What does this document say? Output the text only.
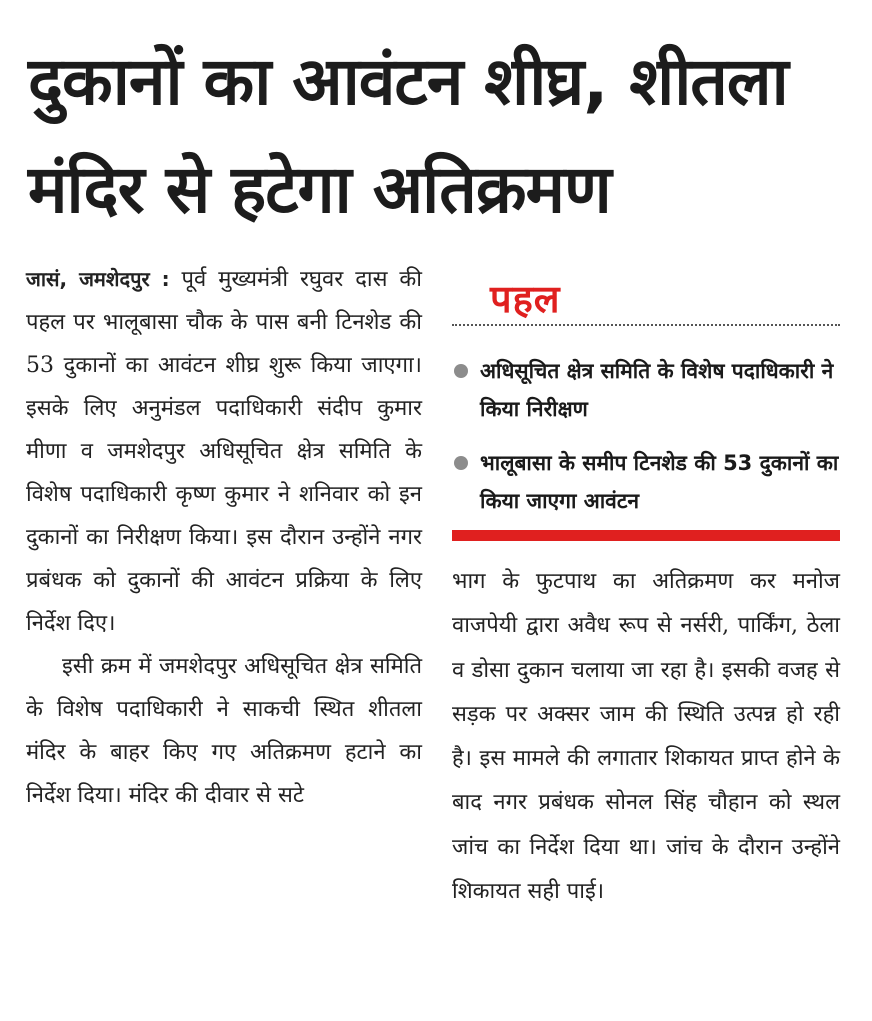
दुकानों का आवंटन शीघ्र, शीतला
मंदिर से हटेगा अतिक्रमण

जासं, जमशेदपुर : पूर्व मुख्यमंत्री रघुवर दास की पहल पर भालूबासा चौक के पास बनी टिनशेड की 53 दुकानों का आवंटन शीघ्र शुरू किया जाएगा। इसके लिए अनुमंडल पदाधिकारी संदीप कुमार मीणा व जमशेदपुर अधिसूचित क्षेत्र समिति के विशेष पदाधिकारी कृष्ण कुमार ने शनिवार को इन दुकानों का निरीक्षण किया। इस दौरान उन्होंने नगर प्रबंधक को दुकानों की आवंटन प्रक्रिया के लिए निर्देश दिए।

इसी क्रम में जमशेदपुर अधिसूचित क्षेत्र समिति के विशेष पदाधिकारी ने साकची स्थित शीतला मंदिर के बाहर किए गए अतिक्रमण हटाने का निर्देश दिया। मंदिर की दीवार से सटे

पहल
अधिसूचित क्षेत्र समिति के विशेष पदाधिकारी ने किया निरीक्षण
भालूबासा के समीप टिनशेड की 53 दुकानों का किया जाएगा आवंटन

भाग के फुटपाथ का अतिक्रमण कर मनोज वाजपेयी द्वारा अवैध रूप से नर्सरी, पार्किंग, ठेला व डोसा दुकान चलाया जा रहा है। इसकी वजह से सड़क पर अक्सर जाम की स्थिति उत्पन्न हो रही है। इस मामले की लगातार शिकायत प्राप्त होने के बाद नगर प्रबंधक सोनल सिंह चौहान को स्थल जांच का निर्देश दिया था। जांच के दौरान उन्होंने शिकायत सही पाई।
